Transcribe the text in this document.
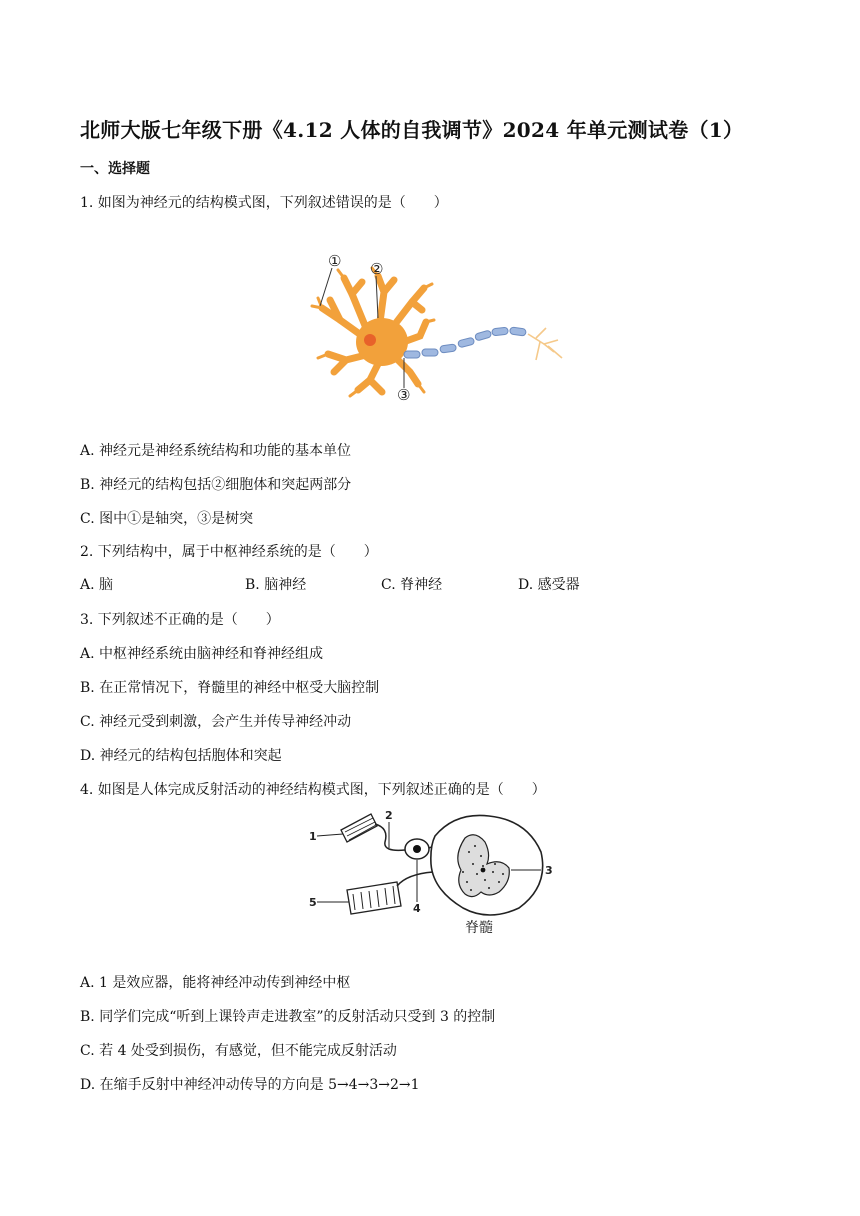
北师大版七年级下册《4.12 人体的自我调节》2024 年单元测试卷（1）
一、选择题
1. 如图为神经元的结构模式图，下列叙述错误的是（　　）
① ②
③
A. 神经元是神经系统结构和功能的基本单位
B. 神经元的结构包括②细胞体和突起两部分
C. 图中①是轴突，③是树突
2. 下列结构中，属于中枢神经系统的是（　　）
A. 脑	B. 脑神经	C. 脊神经	D. 感受器
3. 下列叙述不正确的是（　　）
A. 中枢神经系统由脑神经和脊神经组成
B. 在正常情况下，脊髓里的神经中枢受大脑控制
C. 神经元受到刺激，会产生并传导神经冲动
D. 神经元的结构包括胞体和突起
4. 如图是人体完成反射活动的神经结构模式图，下列叙述正确的是（　　）
1
2
3
4
5
脊髓
A. 1 是效应器，能将神经冲动传到神经中枢
B. 同学们完成“听到上课铃声走进教室”的反射活动只受到 3 的控制
C. 若 4 处受到损伤，有感觉，但不能完成反射活动
D. 在缩手反射中神经冲动传导的方向是 5→4→3→2→1
